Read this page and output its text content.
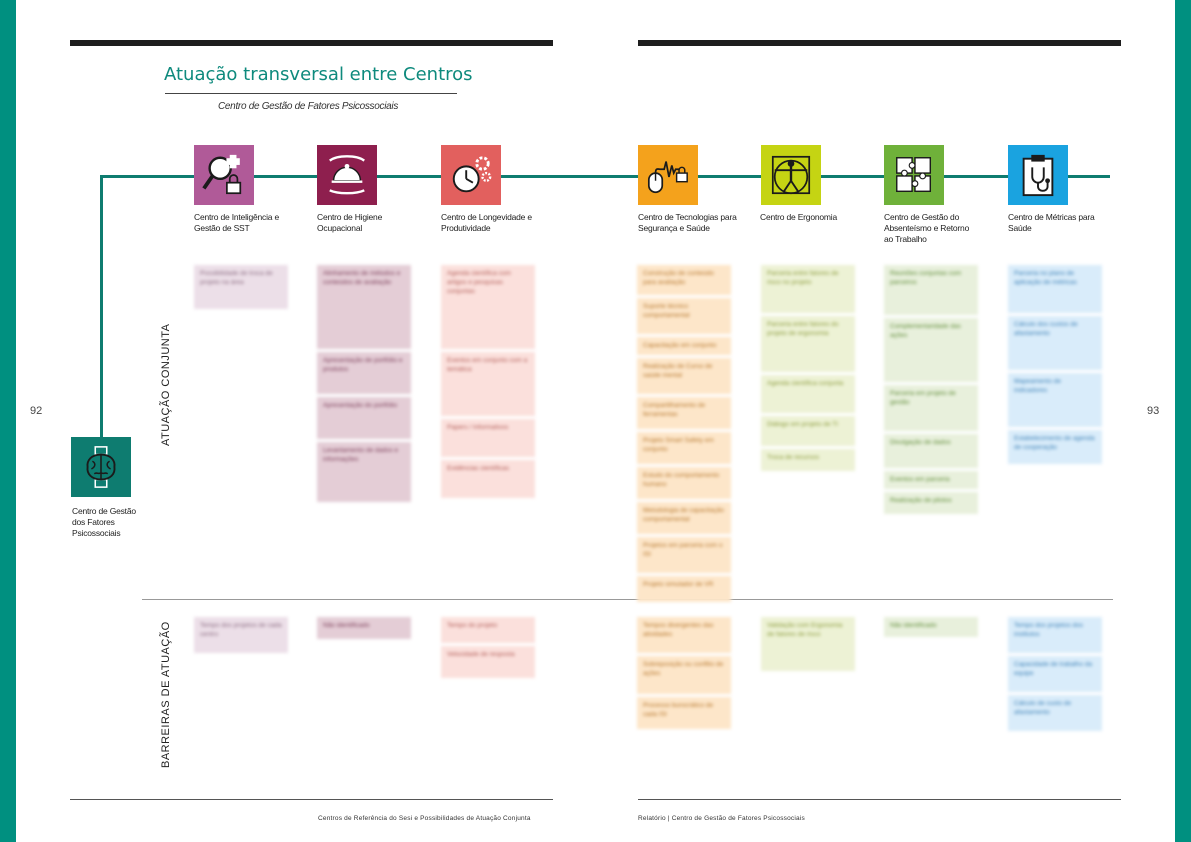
Atuação transversal entre Centros
Centro de Gestão de Fatores Psicossociais
92	93
Centro de Gestão dos Fatores Psicossociais
Centro de Inteligência e Gestão de SST
Centro de Higiene Ocupacional
Centro de Longevidade e Produtividade
Centro de Tecnologias para Segurança e Saúde
Centro de Ergonomia	Centro de Gestão do Absenteísmo e Retorno ao Trabalho
Centro de Métricas para Saúde
ATUAÇÃO CONJUNTA
BARREIRAS DE ATUAÇÃO
Possibilidade de troca de projeto na área
Alinhamento de métodos e conteúdos de avaliação
Apresentação de portfólio e produtos
Apresentação do portfólio
Levantamento de dados e informações
Agenda científica com artigos e pesquisas conjuntas
Eventos em conjunto com a temática
Papers / Informativos
Evidências científicas
Construção de conteúdo para avaliação
Suporte técnico comportamental
Capacitação em conjunto
Realização de Curso de saúde mental
Compartilhamento de ferramentas
Projeto Smart Safety em conjunto
Estudo do comportamento humano
Metodologia de capacitação comportamental
Projetos em parceria com o ISI
Projeto simulador de VR
Parceria entre fatores de risco no projeto
Parceria entre fatores do projeto de ergonomia
Agenda científica conjunta
Diálogo em projeto de TI
Troca de recursos
Reuniões conjuntas com parceiros
Complementaridade das ações
Parceria em projeto de gestão
Divulgação de dados
Eventos em parceria
Realização de pilotos
Parceria no plano de aplicação de métricas
Cálculo dos custos de afastamento
Mapeamento de indicadores
Estabelecimento de agenda de cooperação
Tempo dos projetos de cada centro
Não identificado	Tempo do projeto
Velocidade de resposta
Tempos divergentes das atividades
Sobreposição ou conflito de ações
Processo burocrático de cada ISI
Validação com Ergonomia de fatores de risco
Não identificado	Tempo dos projetos dos institutos
Capacidade de trabalho da equipe
Cálculo de custo de afastamento
Centros de Referência do Sesi e Possibilidades de Atuação Conjunta	Relatório | Centro de Gestão de Fatores Psicossociais
